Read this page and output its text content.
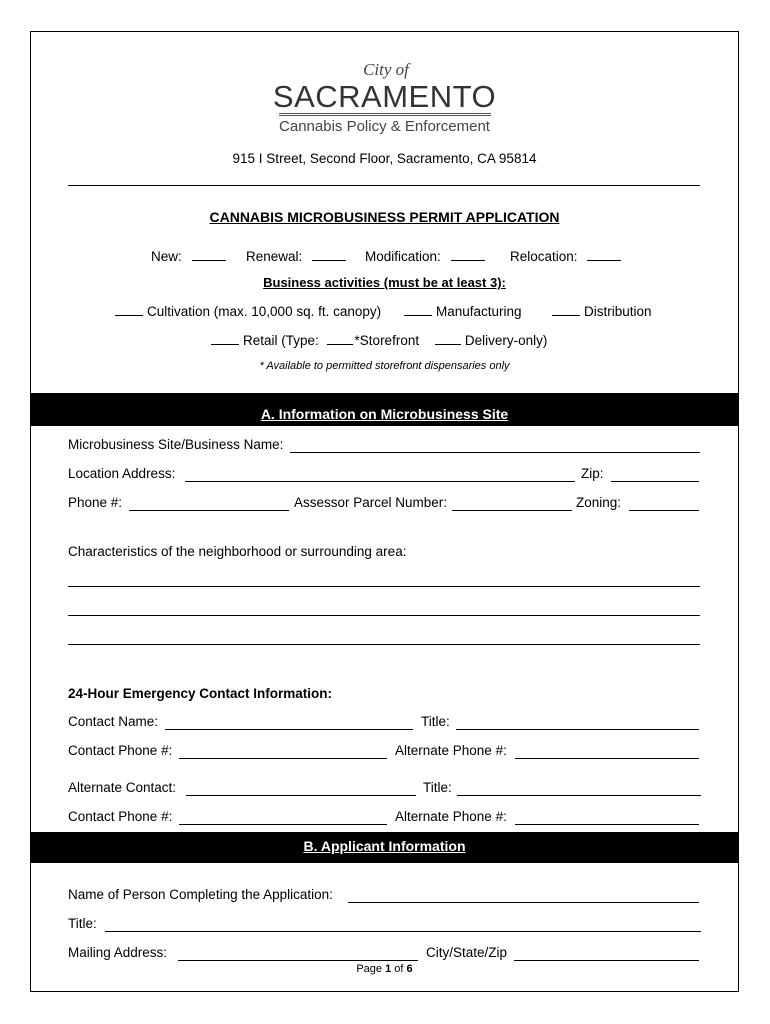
City of
SACRAMENTO
Cannabis Policy & Enforcement
915 I Street, Second Floor, Sacramento, CA 95814
CANNABIS MICROBUSINESS PERMIT APPLICATION
New:	Renewal:	Modification:	Relocation:
Business activities (must be at least 3):
Cultivation (max. 10,000 sq. ft. canopy)	Manufacturing	Distribution
Retail (Type:	*Storefront	Delivery-only)
* Available to permitted storefront dispensaries only
A. Information on Microbusiness Site
Microbusiness Site/Business Name:
Location Address:	Zip:
Phone #:	Assessor Parcel Number:	Zoning:
Characteristics of the neighborhood or surrounding area:
24-Hour Emergency Contact Information:
Contact Name:	Title:
Contact Phone #:	Alternate Phone #:
Alternate Contact:	Title:
Contact Phone #:	Alternate Phone #:
B. Applicant Information
Name of Person Completing the Application:
Title:
Mailing Address:	City/State/Zip
Page 1 of 6
